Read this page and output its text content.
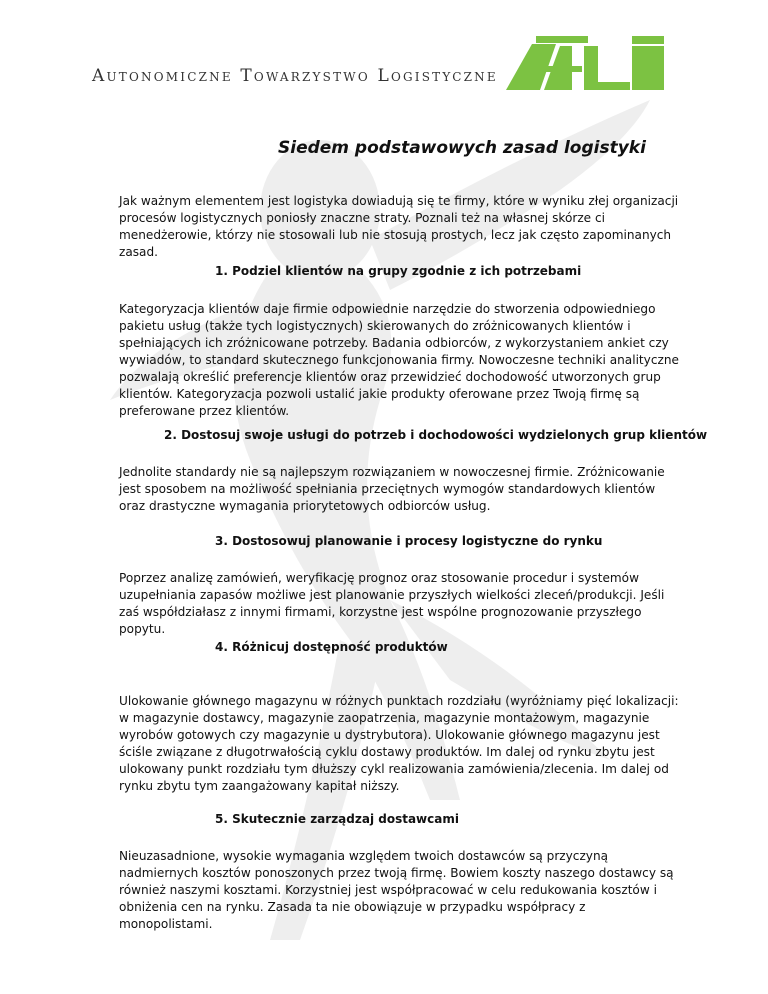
Autonomiczne Towarzystwo Logistyczne
Siedem podstawowych zasad logistyki

Jak ważnym elementem jest logistyka dowiadują się te firmy, które w wyniku złej organizacji procesów logistycznych poniosły znaczne straty. Poznali też na własnej skórze ci menedżerowie, którzy nie stosowali lub nie stosują prostych, lecz jak często zapominanych zasad.

1. Podziel klientów na grupy zgodnie z ich potrzebami

Kategoryzacja klientów daje firmie odpowiednie narzędzie do stworzenia odpowiedniego pakietu usług (także tych logistycznych) skierowanych do zróżnicowanych klientów i spełniających ich zróżnicowane potrzeby. Badania odbiorców, z wykorzystaniem ankiet czy wywiadów, to standard skutecznego funkcjonowania firmy. Nowoczesne techniki analityczne pozwalają określić preferencje klientów oraz przewidzieć dochodowość utworzonych grup klientów. Kategoryzacja pozwoli ustalić jakie produkty oferowane przez Twoją firmę są preferowane przez klientów.

2. Dostosuj swoje usługi do potrzeb i dochodowości wydzielonych grup klientów

Jednolite standardy nie są najlepszym rozwiązaniem w nowoczesnej firmie. Zróżnicowanie jest sposobem na możliwość spełniania przeciętnych wymogów standardowych klientów oraz drastyczne wymagania priorytetowych odbiorców usług.

3. Dostosowuj planowanie i procesy logistyczne do rynku

Poprzez analizę zamówień, weryfikację prognoz oraz stosowanie procedur i systemów uzupełniania zapasów możliwe jest planowanie przyszłych wielkości zleceń/produkcji. Jeśli zaś współdziałasz z innymi firmami, korzystne jest wspólne prognozowanie przyszłego popytu.

4. Różnicuj dostępność produktów

Ulokowanie głównego magazynu w różnych punktach rozdziału (wyróżniamy pięć lokalizacji: w magazynie dostawcy, magazynie zaopatrzenia, magazynie montażowym, magazynie wyrobów gotowych czy magazynie u dystrybutora). Ulokowanie głównego magazynu jest ściśle związane z długotrwałością cyklu dostawy produktów. Im dalej od rynku zbytu jest ulokowany punkt rozdziału tym dłuższy cykl realizowania zamówienia/zlecenia. Im dalej od rynku zbytu tym zaangażowany kapitał niższy.

5. Skutecznie zarządzaj dostawcami

Nieuzasadnione, wysokie wymagania względem twoich dostawców są przyczyną nadmiernych kosztów ponoszonych przez twoją firmę. Bowiem koszty naszego dostawcy są również naszymi kosztami. Korzystniej jest współpracować w celu redukowania kosztów i obniżenia cen na rynku. Zasada ta nie obowiązuje w przypadku współpracy z monopolistami.
